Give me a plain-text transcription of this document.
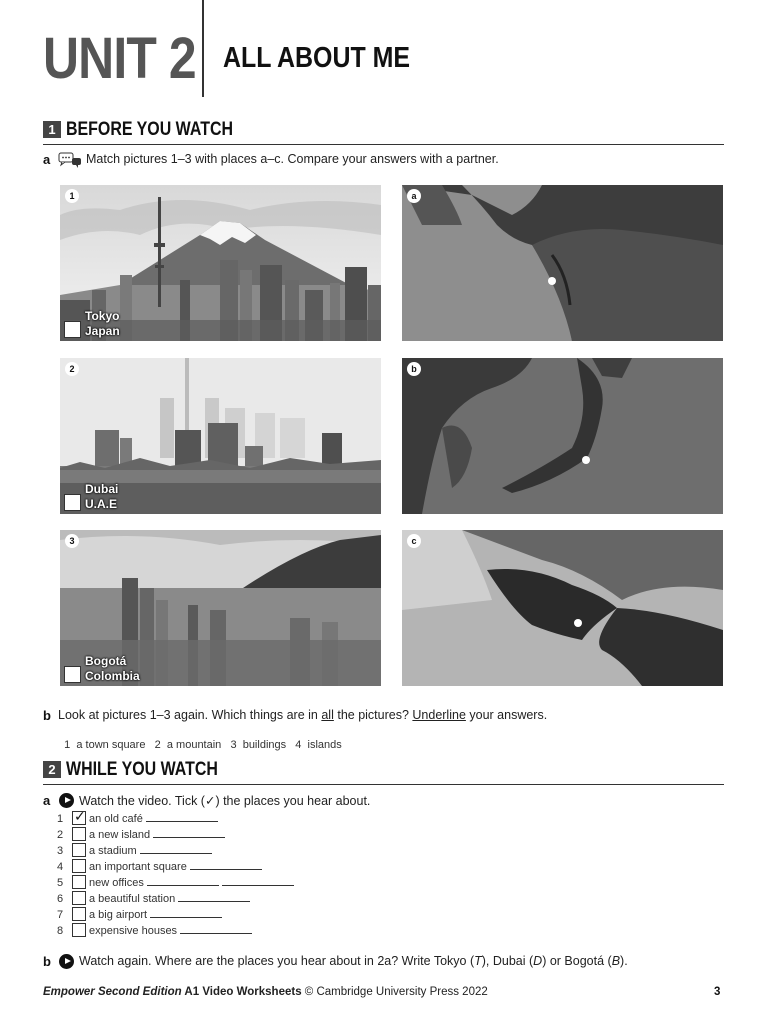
UNIT 2 ALL ABOUT ME
1 BEFORE YOU WATCH
a	Match pictures 1–3 with places a–c. Compare your answers with a partner.
1
Tokyo
Japan
a
2
Dubai
U.A.E
b
3
Bogotá
Colombia
c
b Look at pictures 1–3 again. Which things are in all the pictures? Underline your answers.

1  a town square 2  a mountain 3  buildings 4  islands

2 WHILE YOU WATCH
a Watch the video. Tick (✓) the places you hear about.
1 ✓ an old café
2 a new island
3 a stadium
4 an important square
5 new offices
6 a beautiful station
7 a big airport
8 expensive houses
b Watch again. Where are the places you hear about in 2a? Write Tokyo (T), Dubai (D) or Bogotá (B).
Empower Second Edition A1 Video Worksheets © Cambridge University Press 2022	3
